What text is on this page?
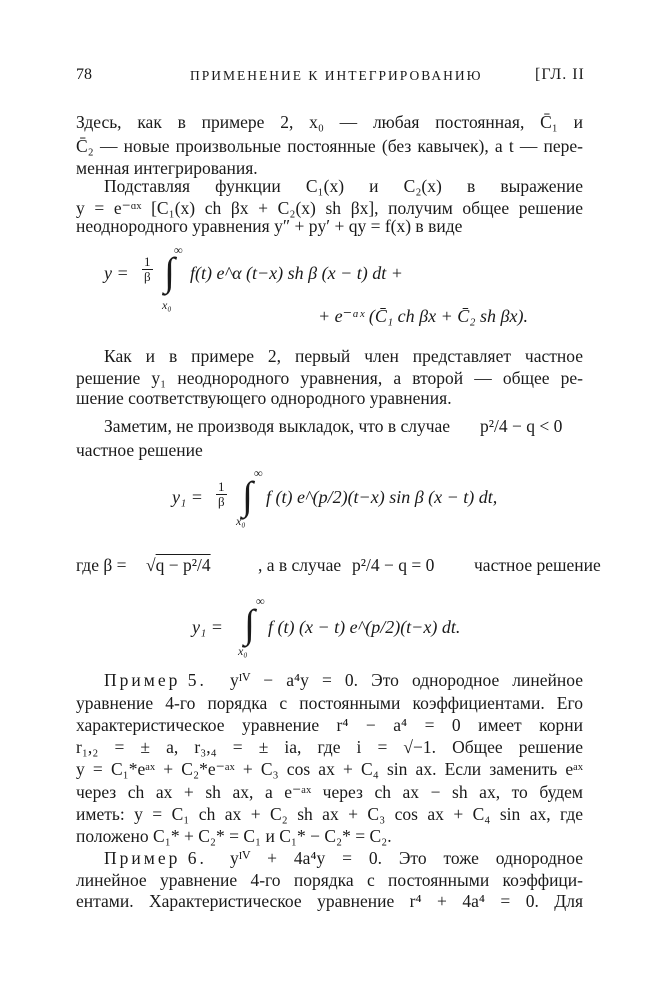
78	ПРИМЕНЕНИЕ К ИНТЕГРИРОВАНИЮ	[ГЛ. II
Здесь, как в примере 2, x₀ — любая постоянная, C̄₁ и
C̄₂ — новые произвольные постоянные (без кавычек), а t — пере-
менная интегрирования.
Подставляя функции C₁(x) и C₂(x) в выражение
y = e⁻ᵅˣ [C₁(x) ch βx + C₂(x) sh βx], получим общее решение
неоднородного уравнения y″ + py′ + qy = f(x) в виде
$y = \frac{1}{\beta}$
∞
∫
x₀
f(t) e^α (t−x) sh β (x − t) dt +
+ e⁻ᵅˣ (C̄₁ ch βx + C̄₂ sh βx).
Как и в примере 2, первый член представляет частное
решение y₁ неоднородного уравнения, а второй — общее ре-
шение соответствующего однородного уравнения.
Заметим, не производя выкладок, что в случае p²/4 − q < 0
частное решение
$y_1 = \frac{1}{\beta}$
∞
∫
x₀
f (t) e^(p/2)(t−x) sin β (x − t) dt,
где β = √q − p²/4	, а в случае p²/4 − q = 0 частное решение
y₁ =
∞
∫
x₀
f (t) (x − t) e^(p/2)(t−x) dt.
Пример 5. yᴵⱽ − a⁴y = 0. Это однородное линейное
уравнение 4-го порядка с постоянными коэффициентами. Его
характеристическое уравнение r⁴ − a⁴ = 0 имеет корни
r₁,₂ = ± a, r₃,₄ = ± ia, где i = √−1. Общее решение
y = C₁*eᵃˣ + C₂*e⁻ᵃˣ + C₃ cos ax + C₄ sin ax. Если заменить eᵃˣ
через ch ax + sh ax, а e⁻ᵃˣ через ch ax − sh ax, то будем
иметь: y = C₁ ch ax + C₂ sh ax + C₃ cos ax + C₄ sin ax, где
положено C₁* + C₂* = C₁ и C₁* − C₂* = C₂.
Пример 6. yᴵⱽ + 4a⁴y = 0. Это тоже однородное
линейное уравнение 4-го порядка с постоянными коэффици-
ентами. Характеристическое уравнение r⁴ + 4a⁴ = 0. Для
